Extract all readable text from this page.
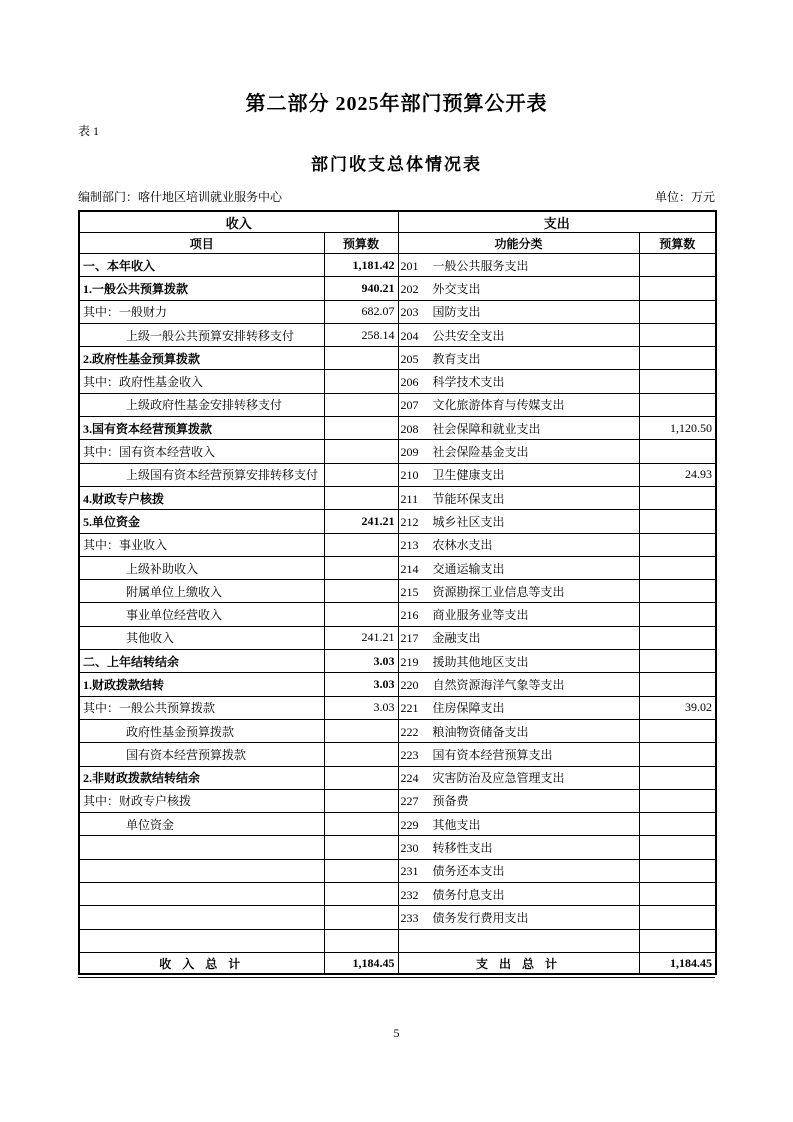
第二部分 2025年部门预算公开表
表 1
部门收支总体情况表
编制部门：喀什地区培训就业服务中心	单位：万元
收入		支出	
项目	预算数	功能分类	预算数
一、本年收入	1,181.42	201 一般公共服务支出	
1.一般公共预算拨款	940.21	202 外交支出	
其中：一般财力	682.07	203 国防支出	
上级一般公共预算安排转移支付	258.14	204 公共安全支出	
2.政府性基金预算拨款		205 教育支出	
其中：政府性基金收入		206 科学技术支出	
上级政府性基金安排转移支付		207 文化旅游体育与传媒支出	
3.国有资本经营预算拨款		208 社会保障和就业支出	1,120.50
其中：国有资本经营收入		209 社会保险基金支出	
上级国有资本经营预算安排转移支付		210 卫生健康支出	24.93
4.财政专户核拨		211 节能环保支出	
5.单位资金	241.21	212 城乡社区支出	
其中：事业收入		213 农林水支出	
上级补助收入		214 交通运输支出	
附属单位上缴收入		215 资源勘探工业信息等支出	
事业单位经营收入		216 商业服务业等支出	
其他收入	241.21	217 金融支出	
二、上年结转结余	3.03	219 援助其他地区支出	
1.财政拨款结转	3.03	220 自然资源海洋气象等支出	
其中：一般公共预算拨款	3.03	221 住房保障支出	39.02
政府性基金预算拨款		222 粮油物资储备支出	
国有资本经营预算拨款		223 国有资本经营预算支出	
2.非财政拨款结转结余		224 灾害防治及应急管理支出	
其中：财政专户核拨		227 预备费	
单位资金		229 其他支出	
		230 转移性支出	
		231 债务还本支出	
		232 债务付息支出	
		233 债务发行费用支出	

收 入 总 计	1,184.45	支 出 总 计	1,184.45
5
